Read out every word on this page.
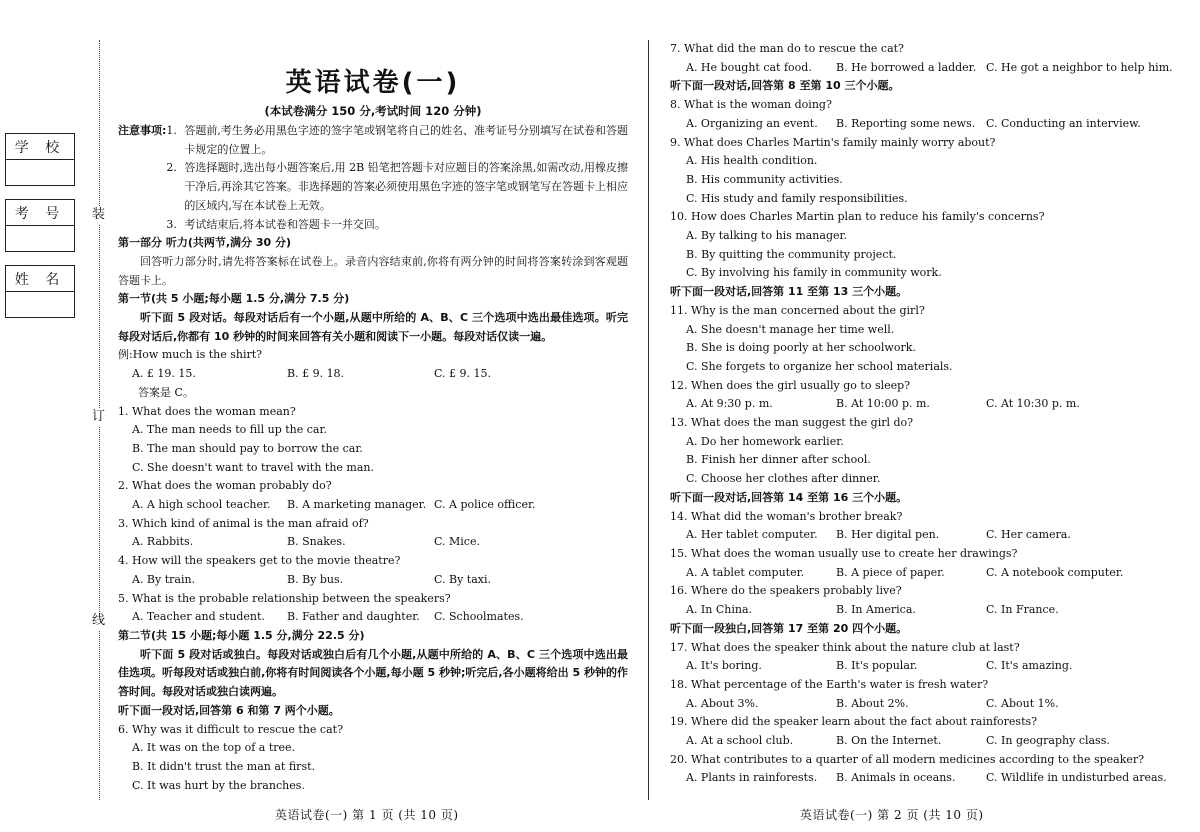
装
订
线
学 校

考 号

姓 名

英语试卷(一)
(本试卷满分 150 分,考试时间 120 分钟)
注意事项: 1. 答题前,考生务必用黑色字迹的签字笔或钢笔将自己的姓名、准考证号分别填写在试卷和答题卡规定的位置上。
2. 答选择题时,选出每小题答案后,用 2B 铅笔把答题卡对应题目的答案涂黑,如需改动,用橡皮擦干净后,再涂其它答案。非选择题的答案必须使用黑色字迹的签字笔或钢笔写在答题卡上相应的区域内,写在本试卷上无效。
3. 考试结束后,将本试卷和答题卡一并交回。
第一部分 听力(共两节,满分 30 分)
回答听力部分时,请先将答案标在试卷上。录音内容结束前,你将有两分钟的时间将答案转涂到客观题答题卡上。
第一节(共 5 小题;每小题 1.5 分,满分 7.5 分)
听下面 5 段对话。每段对话后有一个小题,从题中所给的 A、B、C 三个选项中选出最佳选项。听完每段对话后,你都有 10 秒钟的时间来回答有关小题和阅读下一小题。每段对话仅读一遍。
例:How much is the shirt?
A. £ 19. 15.	B. £ 9. 18.	C. £ 9. 15.
答案是 C。
1. What does the woman mean?
A. The man needs to fill up the car.
B. The man should pay to borrow the car.
C. She doesn't want to travel with the man.
2. What does the woman probably do?
A. A high school teacher.	B. A marketing manager. C. A police officer.
3. Which kind of animal is the man afraid of?
A. Rabbits.	B. Snakes.	C. Mice.
4. How will the speakers get to the movie theatre?
A. By train.	B. By bus.	C. By taxi.
5. What is the probable relationship between the speakers?
A. Teacher and student.	B. Father and daughter.	C. Schoolmates.
第二节(共 15 小题;每小题 1.5 分,满分 22.5 分)
听下面 5 段对话或独白。每段对话或独白后有几个小题,从题中所给的 A、B、C 三个选项中选出最佳选项。听每段对话或独白前,你将有时间阅读各个小题,每小题 5 秒钟;听完后,各小题将给出 5 秒钟的作答时间。每段对话或独白读两遍。
听下面一段对话,回答第 6 和第 7 两个小题。
6. Why was it difficult to rescue the cat?
A. It was on the top of a tree.
B. It didn't trust the man at first.
C. It was hurt by the branches.
7. What did the man do to rescue the cat?
A. He bought cat food.	B. He borrowed a ladder. C. He got a neighbor to help him.
听下面一段对话,回答第 8 至第 10 三个小题。
8. What is the woman doing?
A. Organizing an event.	B. Reporting some news. C. Conducting an interview.
9. What does Charles Martin's family mainly worry about?
A. His health condition.
B. His community activities.
C. His study and family responsibilities.
10. How does Charles Martin plan to reduce his family's concerns?
A. By talking to his manager.
B. By quitting the community project.
C. By involving his family in community work.
听下面一段对话,回答第 11 至第 13 三个小题。
11. Why is the man concerned about the girl?
A. She doesn't manage her time well.
B. She is doing poorly at her schoolwork.
C. She forgets to organize her school materials.
12. When does the girl usually go to sleep?
A. At 9:30 p. m.	B. At 10:00 p. m.	C. At 10:30 p. m.
13. What does the man suggest the girl do?
A. Do her homework earlier.
B. Finish her dinner after school.
C. Choose her clothes after dinner.
听下面一段对话,回答第 14 至第 16 三个小题。
14. What did the woman's brother break?
A. Her tablet computer.	B. Her digital pen.	C. Her camera.
15. What does the woman usually use to create her drawings?
A. A tablet computer.	B. A piece of paper.	C. A notebook computer.
16. Where do the speakers probably live?
A. In China.	B. In America.	C. In France.
听下面一段独白,回答第 17 至第 20 四个小题。
17. What does the speaker think about the nature club at last?
A. It's boring.	B. It's popular.	C. It's amazing.
18. What percentage of the Earth's water is fresh water?
A. About 3%.	B. About 2%.	C. About 1%.
19. Where did the speaker learn about the fact about rainforests?
A. At a school club.	B. On the Internet.	C. In geography class.
20. What contributes to a quarter of all modern medicines according to the speaker?
A. Plants in rainforests.	B. Animals in oceans.	C. Wildlife in undisturbed areas.
英语试卷(一) 第 1 页 (共 10 页)	英语试卷(一) 第 2 页 (共 10 页)
